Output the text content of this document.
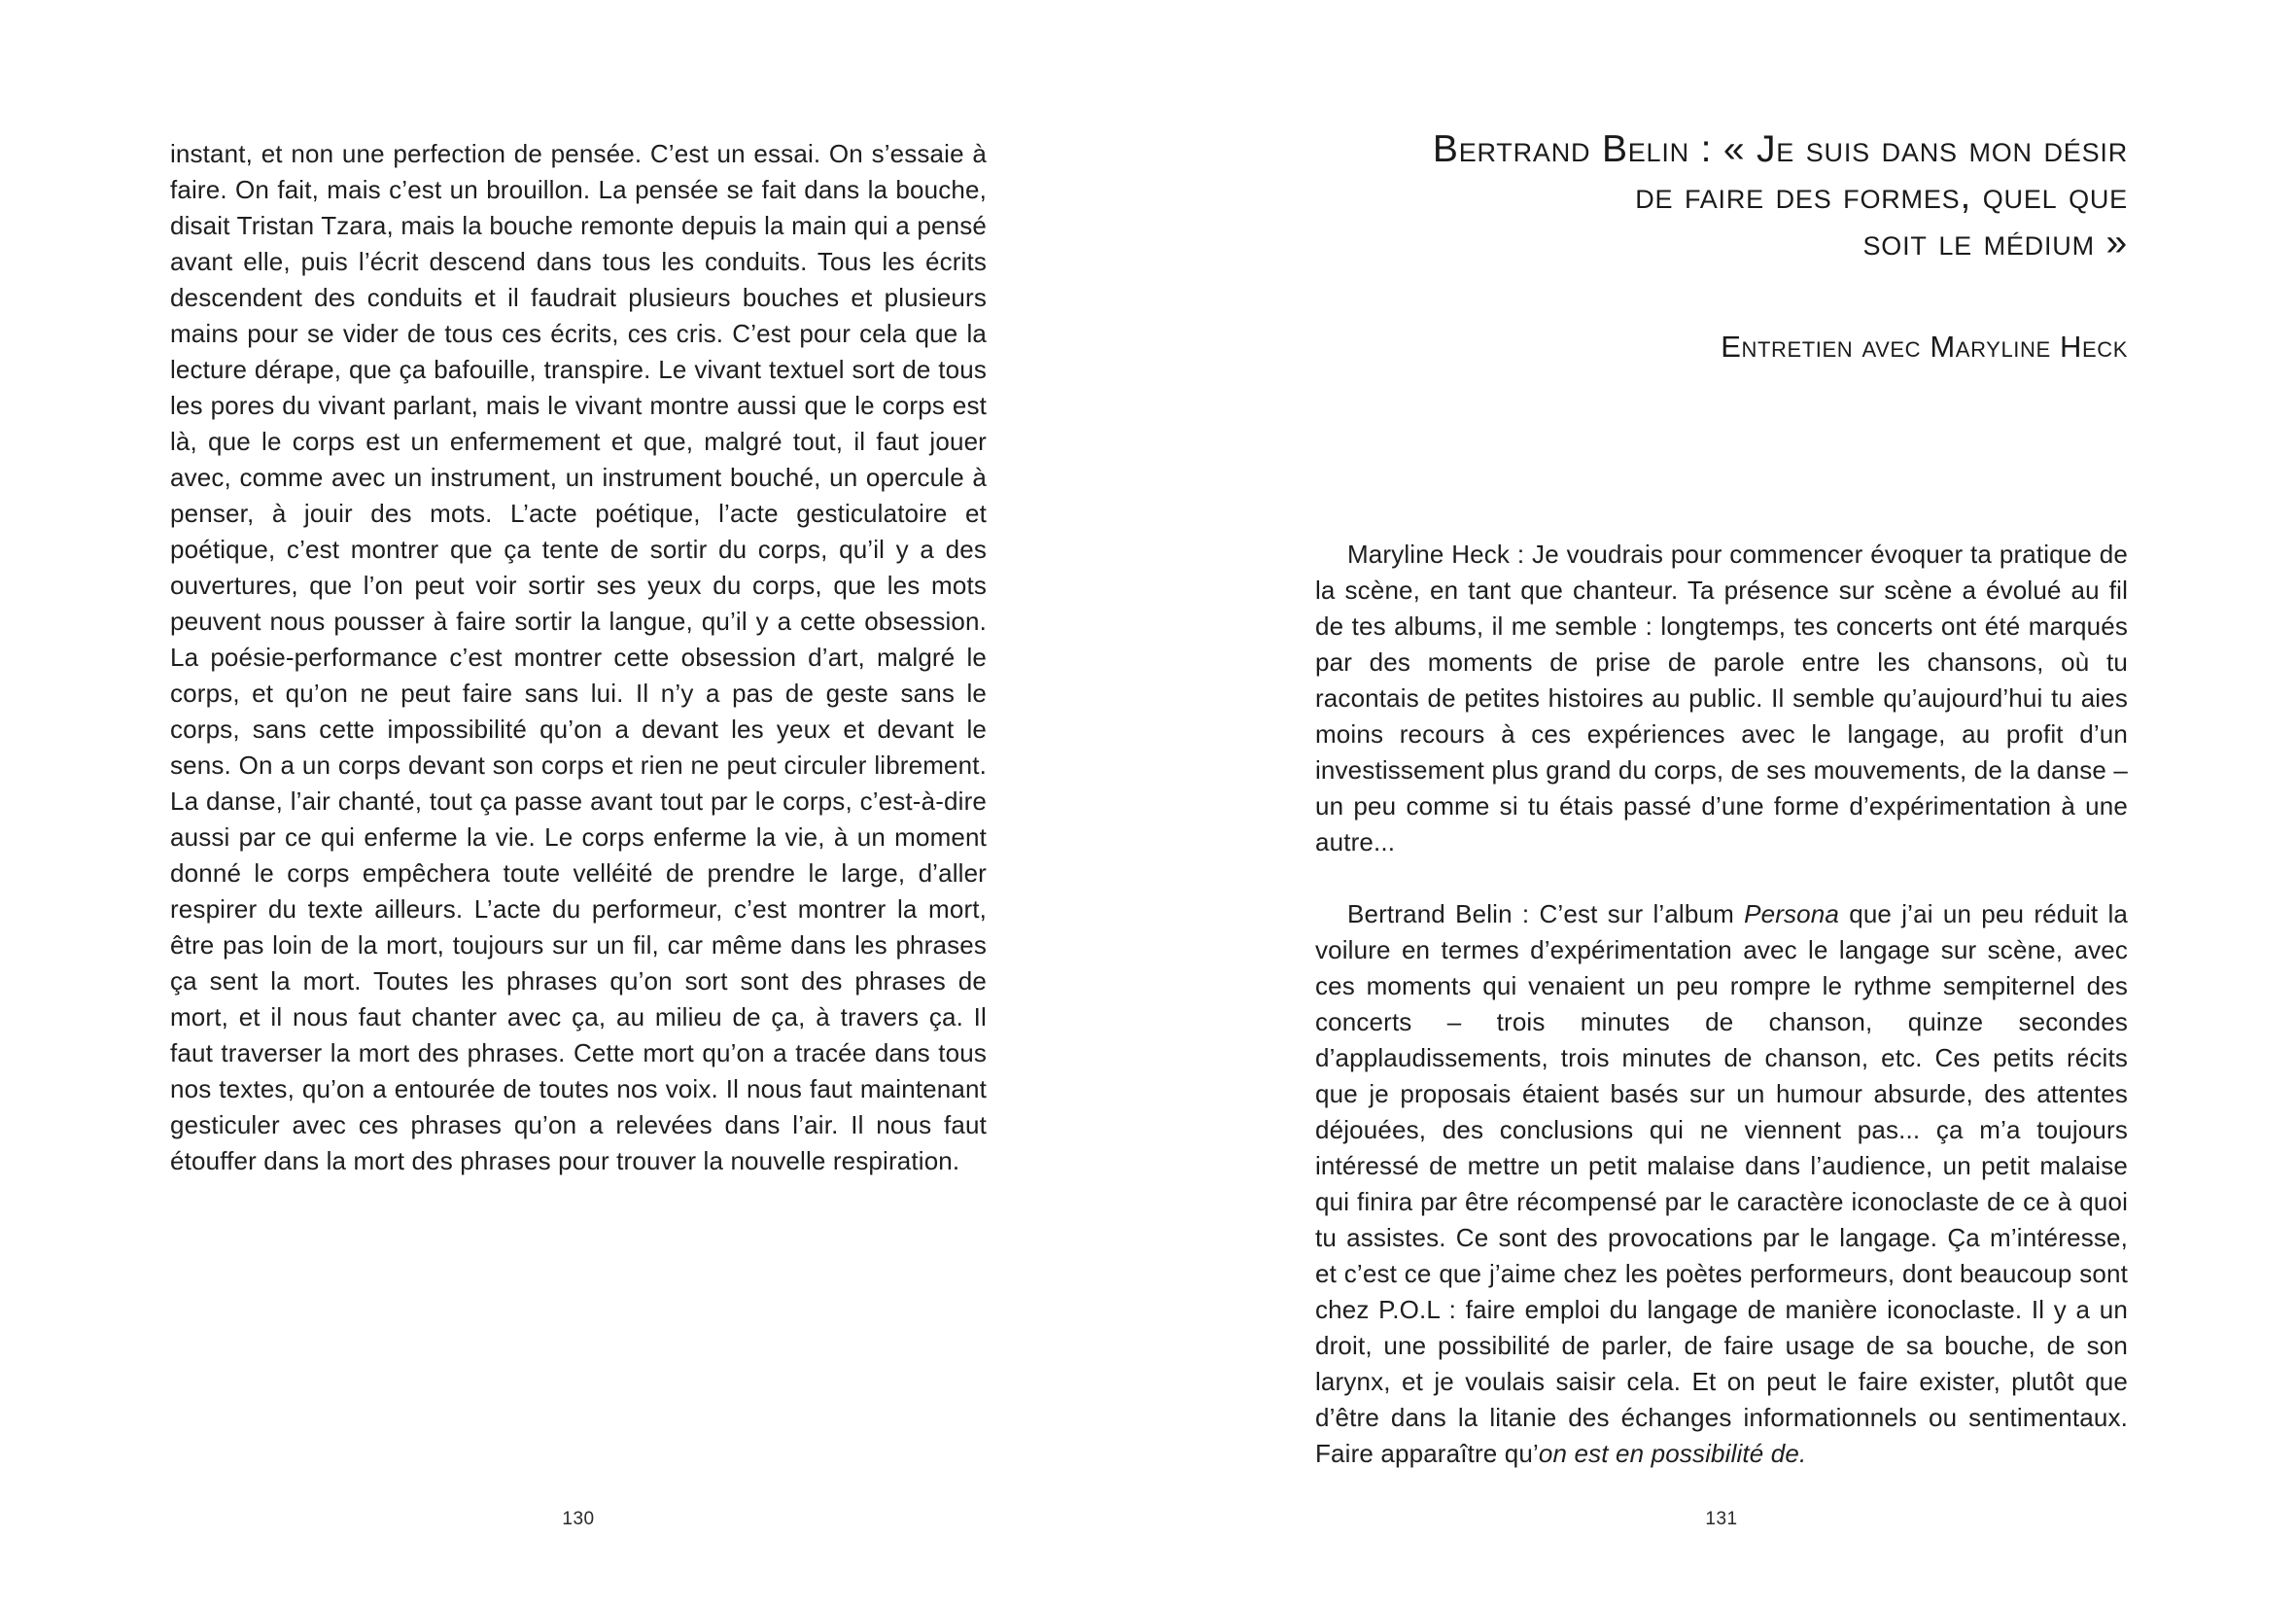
instant, et non une perfection de pensée. C’est un essai. On s’essaie à faire. On fait, mais c’est un brouillon. La pensée se fait dans la bouche, disait Tristan Tzara, mais la bouche remonte depuis la main qui a pensé avant elle, puis l’écrit descend dans tous les conduits. Tous les écrits descendent des conduits et il faudrait plusieurs bouches et plusieurs mains pour se vider de tous ces écrits, ces cris. C’est pour cela que la lecture dérape, que ça bafouille, transpire. Le vivant textuel sort de tous les pores du vivant parlant, mais le vivant montre aussi que le corps est là, que le corps est un enfermement et que, malgré tout, il faut jouer avec, comme avec un instrument, un instrument bouché, un opercule à penser, à jouir des mots. L’acte poétique, l’acte gesticulatoire et poétique, c’est montrer que ça tente de sortir du corps, qu’il y a des ouvertures, que l’on peut voir sortir ses yeux du corps, que les mots peuvent nous pousser à faire sortir la langue, qu’il y a cette obsession. La poésie-performance c’est montrer cette obsession d’art, malgré le corps, et qu’on ne peut faire sans lui. Il n’y a pas de geste sans le corps, sans cette impossibilité qu’on a devant les yeux et devant le sens. On a un corps devant son corps et rien ne peut circuler librement. La danse, l’air chanté, tout ça passe avant tout par le corps, c’est-à-dire aussi par ce qui enferme la vie. Le corps enferme la vie, à un moment donné le corps empêchera toute velléité de prendre le large, d’aller respirer du texte ailleurs. L’acte du performeur, c’est montrer la mort, être pas loin de la mort, toujours sur un fil, car même dans les phrases ça sent la mort. Toutes les phrases qu’on sort sont des phrases de mort, et il nous faut chanter avec ça, au milieu de ça, à travers ça. Il faut traverser la mort des phrases. Cette mort qu’on a tracée dans tous nos textes, qu’on a entourée de toutes nos voix. Il nous faut maintenant gesticuler avec ces phrases qu’on a relevées dans l’air. Il nous faut étouffer dans la mort des phrases pour trouver la nouvelle respiration.

Bertrand Belin : « Je suis dans mon désir
de faire des formes, quel que
soit le médium »
Entretien avec Maryline Heck

Maryline Heck : Je voudrais pour commencer évoquer ta pratique de la scène, en tant que chanteur. Ta présence sur scène a évolué au fil de tes albums, il me semble : longtemps, tes concerts ont été marqués par des moments de prise de parole entre les chansons, où tu racontais de petites histoires au public. Il semble qu’aujourd’hui tu aies moins recours à ces expériences avec le langage, au profit d’un investissement plus grand du corps, de ses mouvements, de la danse – un peu comme si tu étais passé d’une forme d’expérimentation à une autre...

Bertrand Belin : C’est sur l’album Persona que j’ai un peu réduit la voilure en termes d’expérimentation avec le langage sur scène, avec ces moments qui venaient un peu rompre le rythme sempiternel des concerts – trois minutes de chanson, quinze secondes d’applaudissements, trois minutes de chanson, etc. Ces petits récits que je proposais étaient basés sur un humour absurde, des attentes déjouées, des conclusions qui ne viennent pas... ça m’a toujours intéressé de mettre un petit malaise dans l’audience, un petit malaise qui finira par être récompensé par le caractère iconoclaste de ce à quoi tu assistes. Ce sont des provocations par le langage. Ça m’intéresse, et c’est ce que j’aime chez les poètes performeurs, dont beaucoup sont chez P.O.L : faire emploi du langage de manière iconoclaste. Il y a un droit, une possibilité de parler, de faire usage de sa bouche, de son larynx, et je voulais saisir cela. Et on peut le faire exister, plutôt que d’être dans la litanie des échanges informationnels ou sentimentaux. Faire apparaître qu’on est en possibilité de.

130	131
